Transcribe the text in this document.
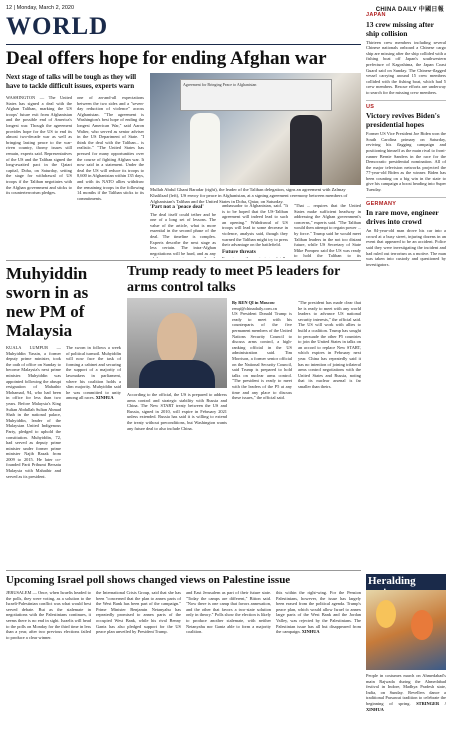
12 | Monday, March 2, 2020	CHINA DAILY 中國日報
WORLD
Deal offers hope for ending Afghan war
Next stage of talks will be tough as they will have to tackle difficult issues, experts warn
WASHINGTON — The United States has signed a deal with the Afghan Taliban, marking the US troops' future exit from Afghanistan and the possible end of America's longest war. Though the agreement provides hope for the US to end its almost two-decade war as well as bringing lasting peace to the war-riven country, thorny issues still remain, experts said. Representatives of the US and the Taliban signed the long-awaited pact in the Qatari capital, Doha, on Saturday, setting the stage for withdrawal of US troops if the Taliban negotiates with the Afghan government and sticks to its counterterrorism pledges.
one of an-and-all expectations between the two sides and a "seven-day reduction of violence" across Afghanistan. "The agreement is Washington's best hope of ending the longest American War," said Aaron Walter, who served as senior adviser in the US Department of State. "I think the deal with the Taliban... is realistic." "The United States has pressed for many opportunities over the course of fighting Afghan war. It now said in a statement. Under the deal the US will reduce its troops to 8,600 in Afghanistan within 135 days, and with its NATO allies withdraw the remaining troops in the following 14 months if the Taliban sticks to its commitments.
Agreement for Bringing Peace to Afghanistan
Mullah Abdul Ghani Baradar (right), the leader of the Taliban delegation, signs an agreement with Zalmay Khalilzad (left), US envoy for peace in Afghanistan, at a signing agreement ceremony between members of Afghanistan's Taliban and the United States in Doha, Qatar, on Saturday.
'Part not a 'peace deal'
The deal itself could tether and be one of a long set of lessons. The value of the article, what is more essential in the second phase of the deal. The timeline is complex. Experts describe the next stage as less certain. The intra-Afghan negotiations will be hard, and as any
ambassador to Afghanistan, said. "It is to be hoped that the US-Taliban agreement will indeed lead to such an opening." Withdrawal of US troops will lead to some decrease in violence, analysts said, though they warned the Taliban might try to press their advantage on the battlefield.
Future threats
"That ... requires that the United States make sufficient headway in addressing the Afghan government's concerns," experts said. "The Taliban would then attempt to regain power ... by force." Trump said he would meet Taliban leaders in the not too distant future, while US Secretary of State Mike Pompeo said the US was ready to hold the Taliban to its
JAPAN
13 crew missing after ship collision
Thirteen crew members including several Chinese nationals onboard a Chinese cargo ship are missing after the ship collided with a fishing boat off Japan's southwestern prefecture of Kagoshima, the Japan Coast Guard said on Sunday. The Chinese-flagged vessel carrying around 15 crew members collided with the fishing boat, which had 5 crew members. Rescue efforts are underway to search for the missing crew members.
US
Victory revives Biden's presidential hopes
Former US Vice President Joe Biden won the South Carolina primary on Saturday, reviving his flagging campaign and positioning himself as the main rival to front-runner Bernie Sanders in the race for the Democratic presidential nomination. All of the major television networks projected the 77-year-old Biden as the winner. Biden has been counting on a big win in the state to give his campaign a boost heading into Super Tuesday.
GERMANY
In rare move, engineer drives into crowd
An 84-year-old man drove his car into a crowd at a busy street, injuring dozens in an event that appeared to be an accident. Police said they were investigating the incident and had ruled out terrorism as a motive. The man was taken into custody and questioned by investigators.
Muhyiddin sworn in as new PM of Malaysia
KUALA LUMPUR — Muhyiddin Yassin, a former deputy prime minister, took the oath of office on Sunday to become Malaysia's next prime minister. Muhyiddin was appointed following the abrupt resignation of Mahathir Mohamad, 94, who had been in office for less than two years. Before Malaysia's King Sultan Abdullah Sultan Ahmad Shah in the national palace, Muhyiddin, leader of the Malaysian United Indigenous Party, pledged to uphold the constitution. Muhyiddin, 72, had served as deputy prime minister under former prime minister Najib Razak from 2009 to 2015. He later co-founded Parti Pribumi Bersatu Malaysia with Mahathir and served as its president.
The sworn in follows a week of political turmoil. Muhyiddin will now face the task of forming a cabinet and securing the support of a majority of lawmakers in parliament, where his coalition holds a slim majority. Muhyiddin said he was committed to unity among all races. XINHUA
Trump ready to meet P5 leaders for arms control talks
By REN QI in Moscow
renqi@chinadaily.com.cn
US President Donald Trump is ready to meet with his counterparts of the five permanent members of the United Nations Security Council to discuss arms control, a high-ranking official in the US administration said. Tim Morrison, a former senior official on the National Security Council, said Trump is prepared to hold talks on nuclear arms control. "The president is ready to meet with the leaders of the P5 at any time and any place to discuss these issues," the official said.
"The president has made clear that he is ready to meet with any world leaders to advance US national security interests," the official said. The US will work with allies to build a coalition. Trump has sought to persuade the other P5 countries to join the United States in talks on an accord to replace New START, which expires in February next year. China has repeatedly said it has no intention of joining trilateral arms control negotiations with the United States and Russia, noting that its nuclear arsenal is far smaller than theirs.
According to the official, the US is prepared to address arms control and strategic stability with Russia and China. The New START treaty between the US and Russia, signed in 2010, will expire in February 2021 unless extended. Russia has said it is willing to extend the treaty without preconditions, but Washington wants any future deal to also include China.
Upcoming Israel poll shows changed views on Palestine issue
JERUSALEM — Once, when Israelis headed to the polls, they were voting, as a solution to the Israeli-Palestinian conflict was what would best served debate. But as the stalemate in negotiations with the Palestinians continues, it seems there is no end in sight. Israelis will head to the polls on Monday for the third time in less than a year, after two previous elections failed to produce a clear winner.
the International Crisis Group, said that she has been "concerned that the plan to annex parts of the West Bank has been part of the campaign." Prime Minister Benjamin Netanyahu has repeatedly promised to annex parts of the occupied West Bank, while his rival Benny Gantz has also pledged support for the US peace plan unveiled by President Trump.
and East Jerusalem as part of their future state. "Today the camps are different," Bitton said. "Now there is one camp that favors annexation, and the other that favors a two-state solution only in theory." Polls show the election is likely to produce another stalemate, with neither Netanyahu nor Gantz able to form a majority coalition.
this within the right-wing. For the Pension Palestinians, however, the issue has largely been erased from the political agenda. Trump's peace plan, which would allow Israel to annex large parts of the West Bank and the Jordan Valley, was rejected by the Palestinians. The Palestinian issue has all but disappeared from the campaign. XINHUA
Heralding
People in costumes march on Ahmedabad's main Rajwada during the Ahmedabad festival in Indore, Madhya Pradesh state, India, on Sunday. Revellers dance a traditional Parsawai tradition to celebrate the beginning of spring. STRINGER / XINHUA
